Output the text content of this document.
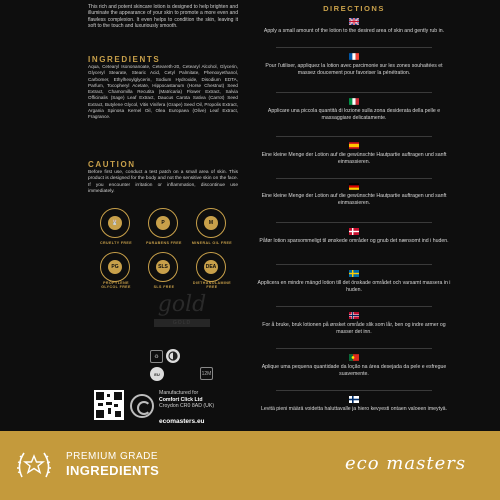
This rich and potent skincare lotion is designed to help brighten and illuminate the appearance of your skin to promote a more even and flawless complexion. It even helps to condition the skin, leaving it soft to the touch and luxuriously smooth.

INGREDIENTS

Aqua, Cetearyl Isononanoate, Ceteareth-20, Cetearyl Alcohol, Glycerin, Glyceryl Stearate, Stearic Acid, Cetyl Palmitate, Phenoxyethanol, Carbomer, Ethylhexylglycerin, Sodium Hydroxide, Disodium EDTA, Parfum, Tocopheryl Acetate, Hippocastanum (Horse Chestnut) Seed Extract, Chamomilla Recutita (Matricaria) Flower Extract, Salvia Officinalis (Sage) Leaf Extract, Daucus Carota Sativa (Carrot) Seed Extract, Butylene Glycol, Vitis Vinifera (Grape) Seed Oil, Propolis Extract, Argania Spinosa Kernel Oil, Olea Europaea (Olive) Leaf Extract, Fragrance.

CAUTION

Before first use, conduct a test patch on a small area of skin. This product is designed for the body and not the sensitive skin on the face. If you encounter irritation or inflammation, discontinue use immediately.

🐰
CRUELTY FREE
P
PARABENS FREE
M
MINERAL OIL FREE
PG
PROPYLENE GLYCOL FREE
SLS
SLS FREE
DEA
DIETHANOLAMINE FREE
gold
GOLD
♻
EU	12M
Manufactured for
Comfort Click Ltd
Croydon CR0 8AD (UK)
ecomasters.eu
DIRECTIONS
Apply a small amount of the lotion to the desired area of skin and gently rub in.
Pour l'utiliser, appliquez la lotion avec parcimonie sur les zones souhaitées et massez doucement pour favoriser la pénétration.
Applicare una piccola quantità di lozione sulla zona desiderata della pelle e massaggiare delicatamente.
Eine kleine Menge der Lotion auf die gewünschte Hautpartie auftragen und sanft einmassieren.
Eine kleine Menge der Lotion auf die gewünschte Hautpartie auftragen und sanft einmassieren.
Påfør lotion sparsommeligt til ønskede områder og gnub det nænsomt ind i huden.
Applicera en mindre mängd lotion till det önskade området och varsamt massera in i huden.
For å bruke, bruk lotionen på ønsket område slik som lår, ben og indre armer og masser det inn.
Aplique uma pequena quantidade da loção na área desejada da pele e esfregue suavemente.
Levitä pieni määrä voidetta haluttavalle ja hiero kevyesti ontaen valoeen imeytyä.
PREMIUM GRADE
INGREDIENTS	eco masters
